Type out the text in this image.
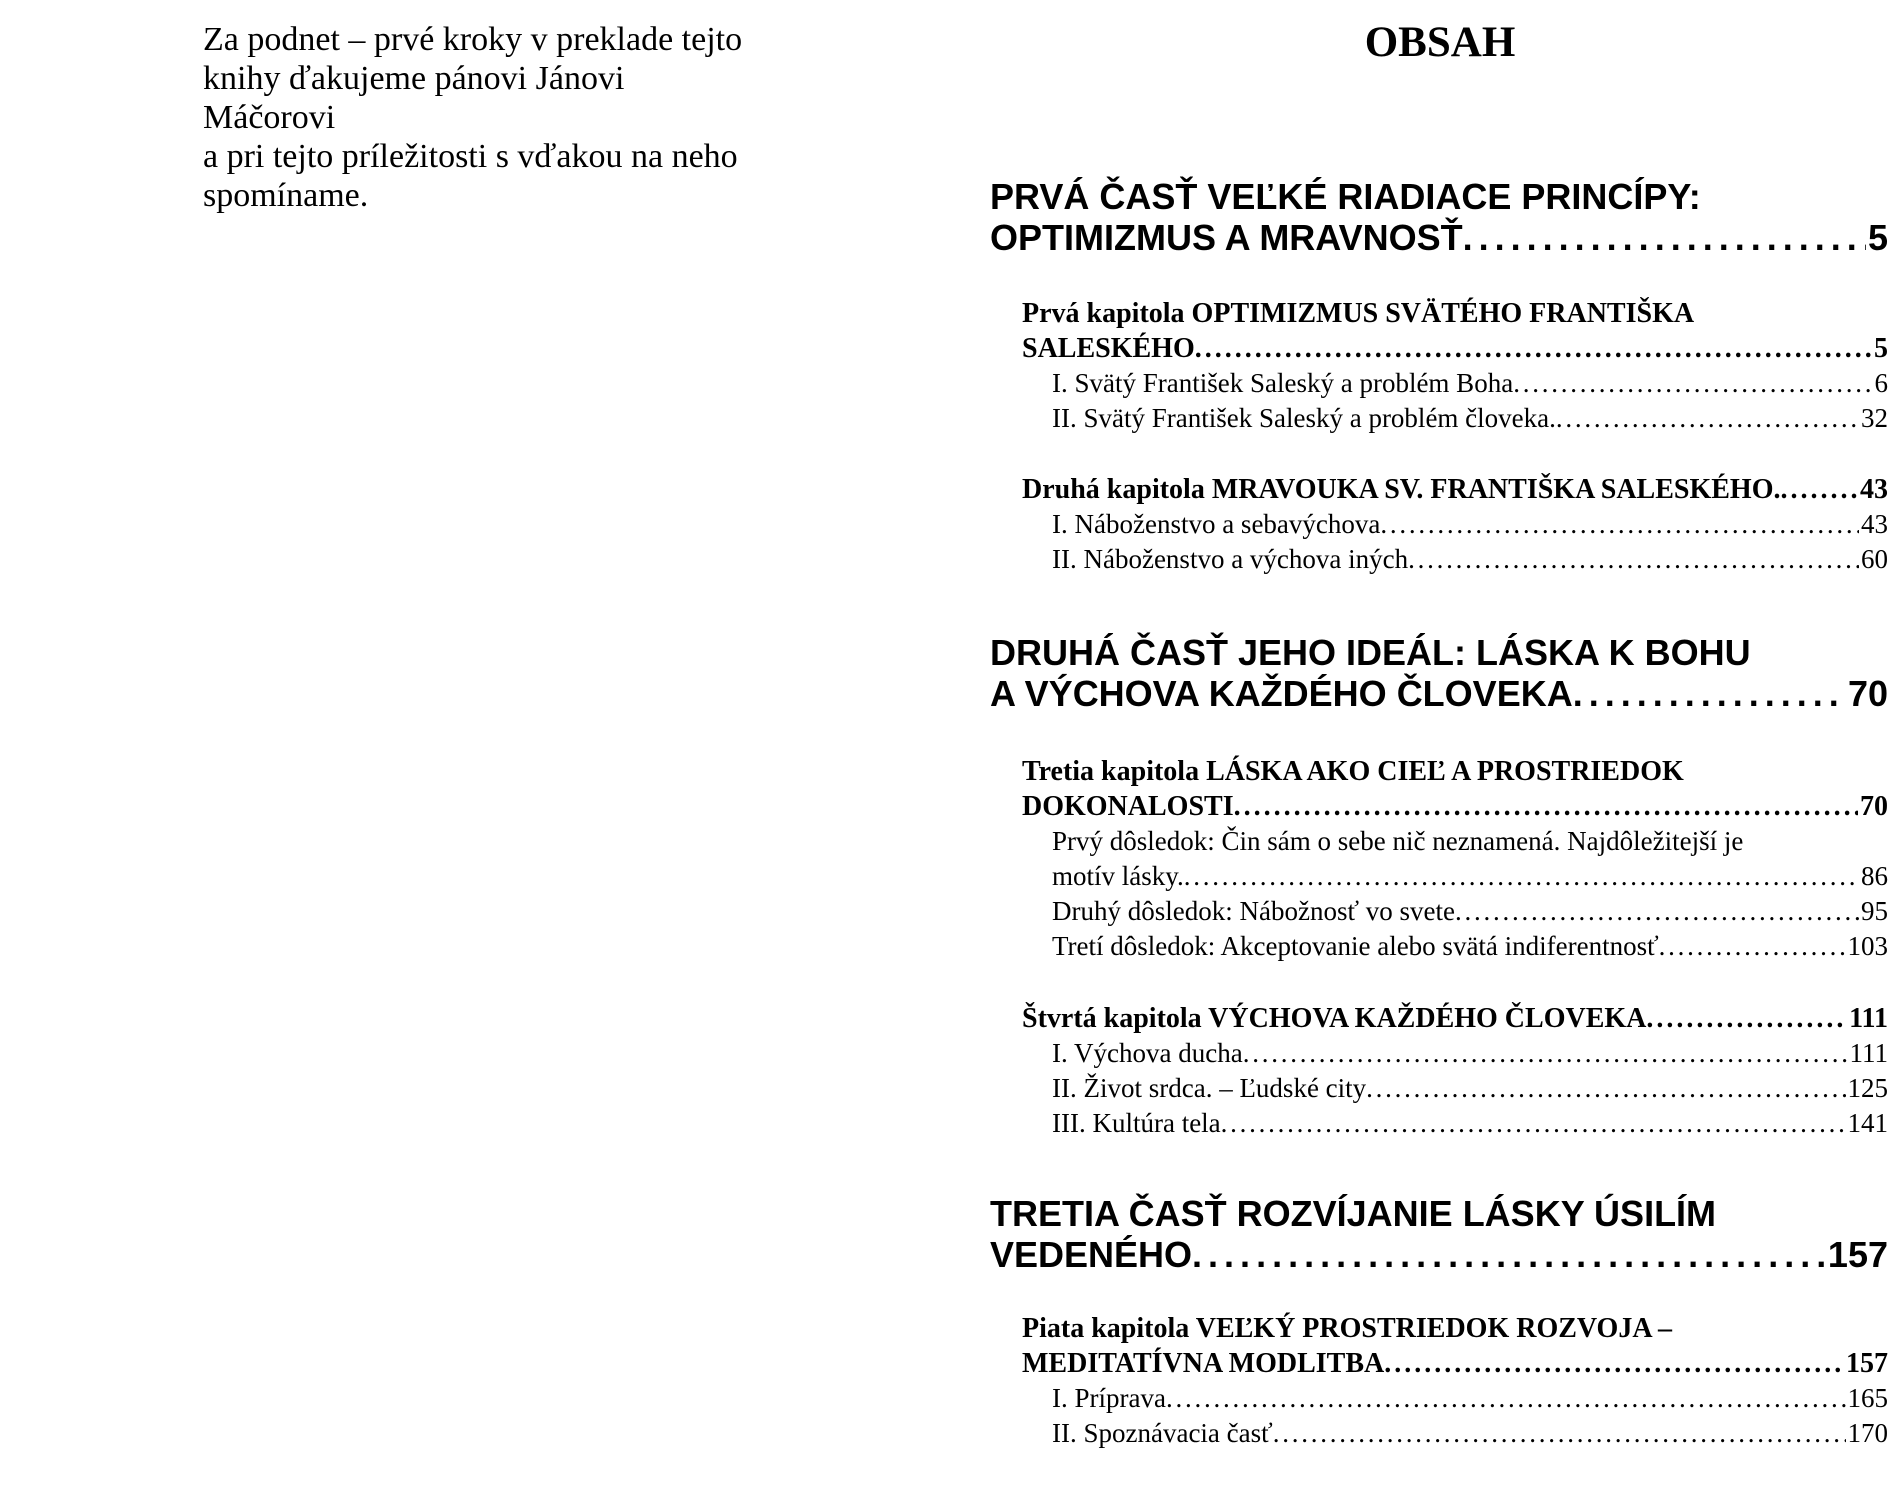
Za podnet – prvé kroky v preklade tejto

knihy ďakujeme pánovi Jánovi Máčorovi

a pri tejto príležitosti s vďakou na neho

spomíname.

OBSAH
PRVÁ ČASŤ VEĽKÉ RIADIACE PRINCÍPY:
OPTIMIZMUS A MRAVNOSŤ . . .	5
Prvá kapitola OPTIMIZMUS SVÄTÉHO FRANTIŠKA
SALESKÉHO . . .	5
I. Svätý František Saleský a problém Boha . . .	6
II. Svätý František Saleský a problém človeka. . . .	32
Druhá kapitola MRAVOUKA SV. FRANTIŠKA SALESKÉHO. . . .	43
I. Náboženstvo a sebavýchova . . .	43
II. Náboženstvo a výchova iných . . .	60
DRUHÁ ČASŤ JEHO IDEÁL: LÁSKA K BOHU
A VÝCHOVA KAŽDÉHO ČLOVEKA . . .	70
Tretia kapitola LÁSKA AKO CIEĽ A PROSTRIEDOK
DOKONALOSTI . . .	70
Prvý dôsledok: Čin sám o sebe nič neznamená. Najdôležitejší je
motív lásky. . . .	86
Druhý dôsledok: Nábožnosť vo svete . . .	95
Tretí dôsledok: Akceptovanie alebo svätá indiferentnosť . . .	103
Štvrtá kapitola VÝCHOVA KAŽDÉHO ČLOVEKA . . .	111
I. Výchova ducha . . .	111
II. Život srdca. – Ľudské city . . .	125
III. Kultúra tela . . .	141
TRETIA ČASŤ ROZVÍJANIE LÁSKY ÚSILÍM
VEDENÉHO . . .	157
Piata kapitola VEĽKÝ PROSTRIEDOK ROZVOJA –
MEDITATÍVNA MODLITBA . . .	157
I. Príprava . . .	165
II. Spoznávacia časť . . .	170
